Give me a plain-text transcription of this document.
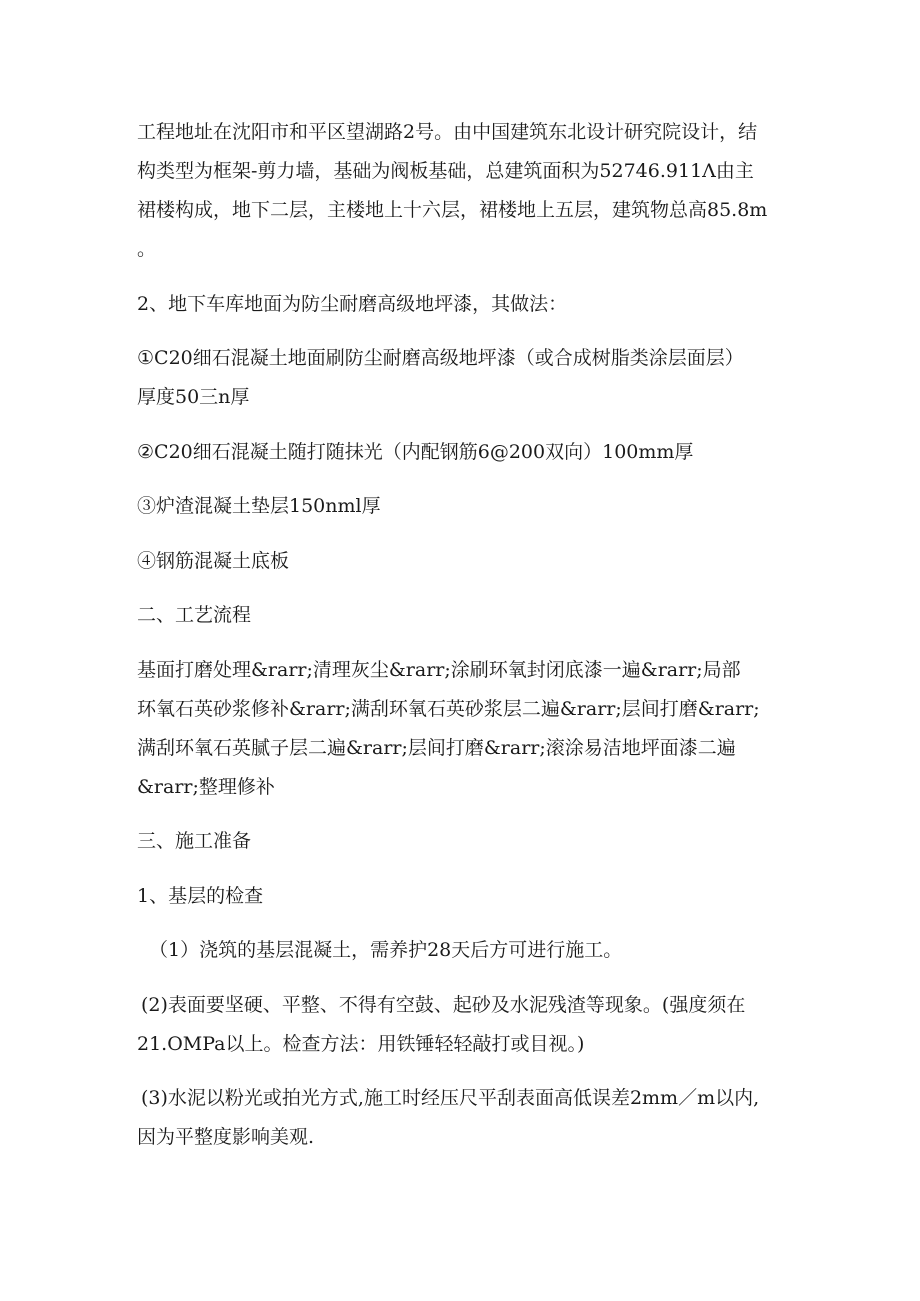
工程地址在沈阳市和平区望湖路2号。由中国建筑东北设计研究院设计，结
构类型为框架-剪力墙，基础为阀板基础，总建筑面积为52746.911Λ由主
裙楼构成，地下二层，主楼地上十六层，裙楼地上五层，建筑物总高85.8m
。
2、地下车库地面为防尘耐磨高级地坪漆，其做法：
①C20细石混凝土地面刷防尘耐磨高级地坪漆（或合成树脂类涂层面层）
厚度50三n厚
②C20细石混凝土随打随抹光（内配钢筋6@200双向）100mm厚
③炉渣混凝土垫层150nml厚
④钢筋混凝土底板
二、工艺流程
基面打磨处理&rarr;清理灰尘&rarr;涂刷环氧封闭底漆一遍&rarr;局部
环氧石英砂浆修补&rarr;满刮环氧石英砂浆层二遍&rarr;层间打磨&rarr;
满刮环氧石英腻子层二遍&rarr;层间打磨&rarr;滚涂易洁地坪面漆二遍
&rarr;整理修补
三、施工准备
1、基层的检查
（1）浇筑的基层混凝土，需养护28天后方可进行施工。
(2)表面要坚硬、平整、不得有空鼓、起砂及水泥残渣等现象。(强度须在
21.OMPa以上。检查方法：用铁锤轻轻敲打或目视。)
(3)水泥以粉光或拍光方式,施工时经压尺平刮表面高低误差2mm／m以内,
因为平整度影响美观.
